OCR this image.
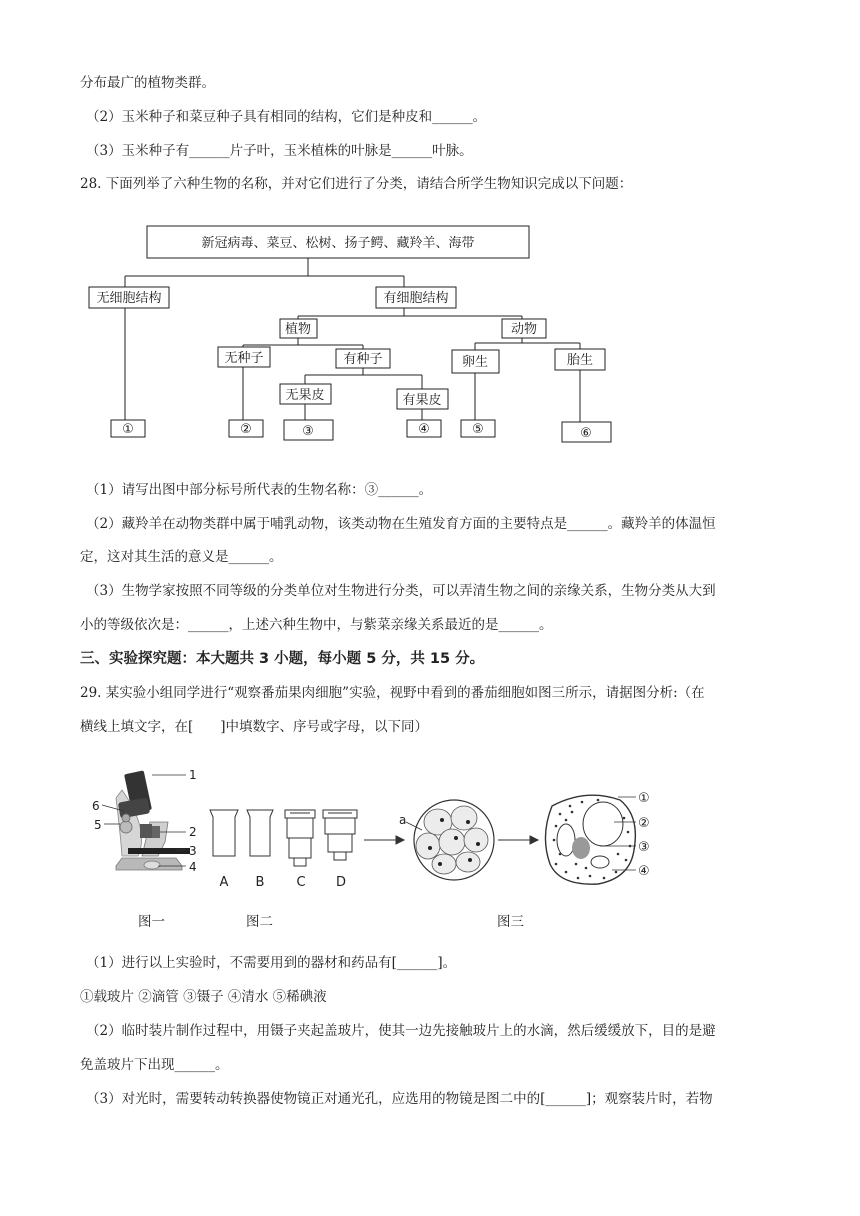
分布最广的植物类群。
（2）玉米种子和菜豆种子具有相同的结构，它们是种皮和______。
（3）玉米种子有______片子叶，玉米植株的叶脉是______叶脉。
28. 下面列举了六种生物的名称，并对它们进行了分类，请结合所学生物知识完成以下问题：
新冠病毒、菜豆、松树、扬子鳄、藏羚羊、海带
无细胞结构	有细胞结构
植物	动物
无种子	有种子
无果皮	有果皮
卵生	胎生
①	②	③	④	⑤	⑥
（1）请写出图中部分标号所代表的生物名称：③______。
（2）藏羚羊在动物类群中属于哺乳动物，该类动物在生殖发育方面的主要特点是______。藏羚羊的体温恒
定，这对其生活的意义是______。
（3）生物学家按照不同等级的分类单位对生物进行分类，可以弄清生物之间的亲缘关系，生物分类从大到
小的等级依次是：______，上述六种生物中，与紫菜亲缘关系最近的是______。
三、实验探究题：本大题共 3 小题，每小题 5 分，共 15 分。
29. 某实验小组同学进行“观察番茄果肉细胞”实验，视野中看到的番茄细胞如图三所示，请据图分析:（在
横线上填文字，在[　　]中填数字、序号或字母，以下同）
1
2
3
4
5
6
A B C D
a
①
②
③
④
图一	图二	图三
（1）进行以上实验时，不需要用到的器材和药品有[______]。
①载玻片 ②滴管 ③镊子 ④清水 ⑤稀碘液
（2）临时装片制作过程中，用镊子夹起盖玻片，使其一边先接触玻片上的水滴，然后缓缓放下，目的是避
免盖玻片下出现______。
（3）对光时，需要转动转换器使物镜正对通光孔，应选用的物镜是图二中的[______]；观察装片时，若物
